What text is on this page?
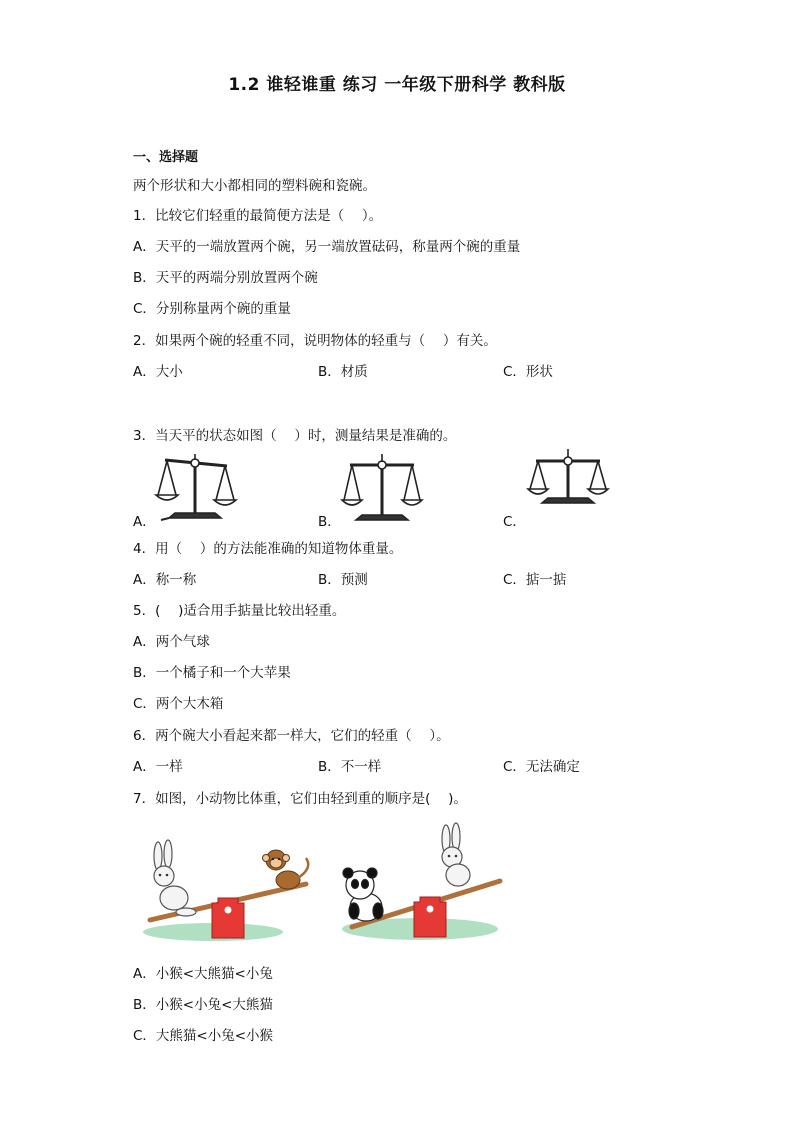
1.2 谁轻谁重 练习 一年级下册科学 教科版
一、选择题
两个形状和大小都相同的塑料碗和瓷碗。
1．比较它们轻重的最简便方法是（　 ）。
A．天平的一端放置两个碗，另一端放置砝码，称量两个碗的重量
B．天平的两端分别放置两个碗
C．分别称量两个碗的重量
2．如果两个碗的轻重不同，说明物体的轻重与（　 ）有关。
A．大小	B．材质	C．形状
3．当天平的状态如图（　 ）时，测量结果是准确的。
A．	B．	C．
4．用（　 ）的方法能准确的知道物体重量。
A．称一称	B．预测	C．掂一掂
5．(　 )适合用手掂量比较出轻重。
A．两个气球
B．一个橘子和一个大苹果
C．两个大木箱
6．两个碗大小看起来都一样大，它们的轻重（　 ）。
A．一样	B．不一样	C．无法确定
7．如图，小动物比体重，它们由轻到重的顺序是(　 )。
A．小猴<大熊猫<小兔
B．小猴<小兔<大熊猫
C．大熊猫<小兔<小猴
